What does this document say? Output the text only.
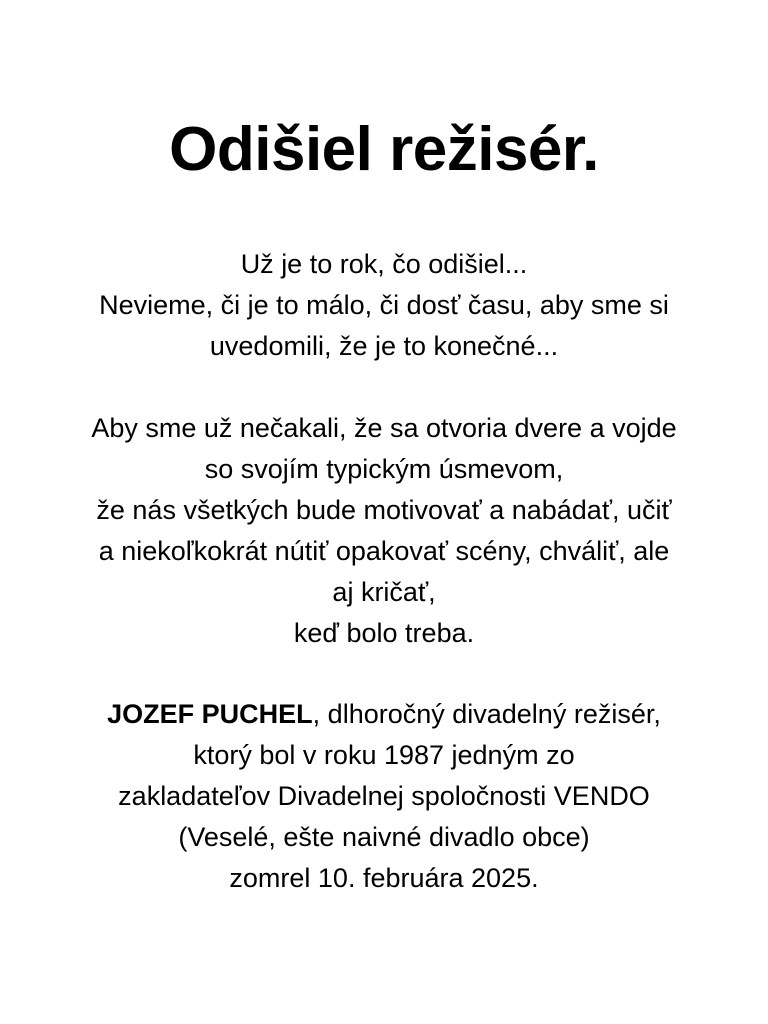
Odišiel režisér.

Už je to rok, čo odišiel...
Nevieme, či je to málo, či dosť času, aby sme si
uvedomili, že je to konečné...

Aby sme už nečakali, že sa otvoria dvere a vojde
so svojím typickým úsmevom,
že nás všetkých bude motivovať a nabádať, učiť
a niekoľkokrát nútiť opakovať scény, chváliť, ale
aj kričať,
keď bolo treba.

JOZEF PUCHEL, dlhoročný divadelný režisér,
ktorý bol v roku 1987 jedným zo
zakladateľov Divadelnej spoločnosti VENDO
(Veselé, ešte naivné divadlo obce)
zomrel 10. februára 2025.
